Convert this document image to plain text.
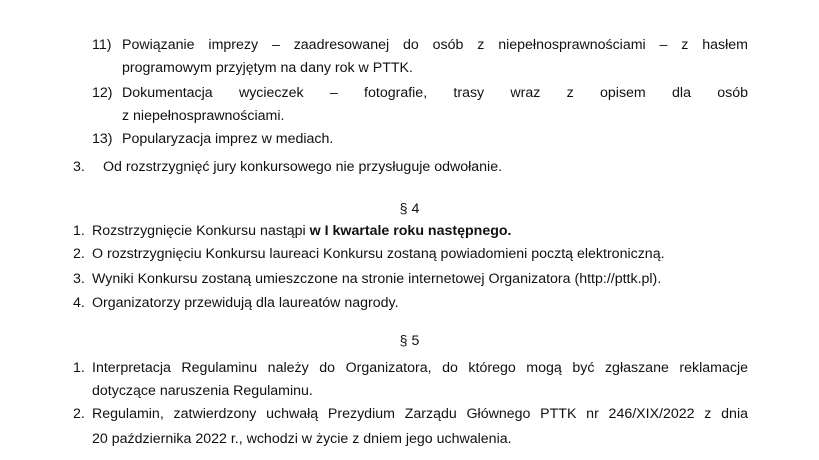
11) Powiązanie imprezy – zaadresowanej do osób z niepełnosprawnościami – z hasłem
programowym przyjętym na dany rok w PTTK.
12) Dokumentacja wycieczek – fotografie, trasy wraz z opisem dla osób
z niepełnosprawnościami.
13) Popularyzacja imprez w mediach.
3. Od rozstrzygnięć jury konkursowego nie przysługuje odwołanie.
§ 4
1. Rozstrzygnięcie Konkursu nastąpi w I kwartale roku następnego.
2. O rozstrzygnięciu Konkursu laureaci Konkursu zostaną powiadomieni pocztą elektroniczną.
3. Wyniki Konkursu zostaną umieszczone na stronie internetowej Organizatora (http://pttk.pl).
4. Organizatorzy przewidują dla laureatów nagrody.
§ 5
1. Interpretacja Regulaminu należy do Organizatora, do którego mogą być zgłaszane reklamacje
dotyczące naruszenia Regulaminu.
2. Regulamin, zatwierdzony uchwałą Prezydium Zarządu Głównego PTTK nr 246/XIX/2022 z dnia
20 października 2022 r., wchodzi w życie z dniem jego uchwalenia.
